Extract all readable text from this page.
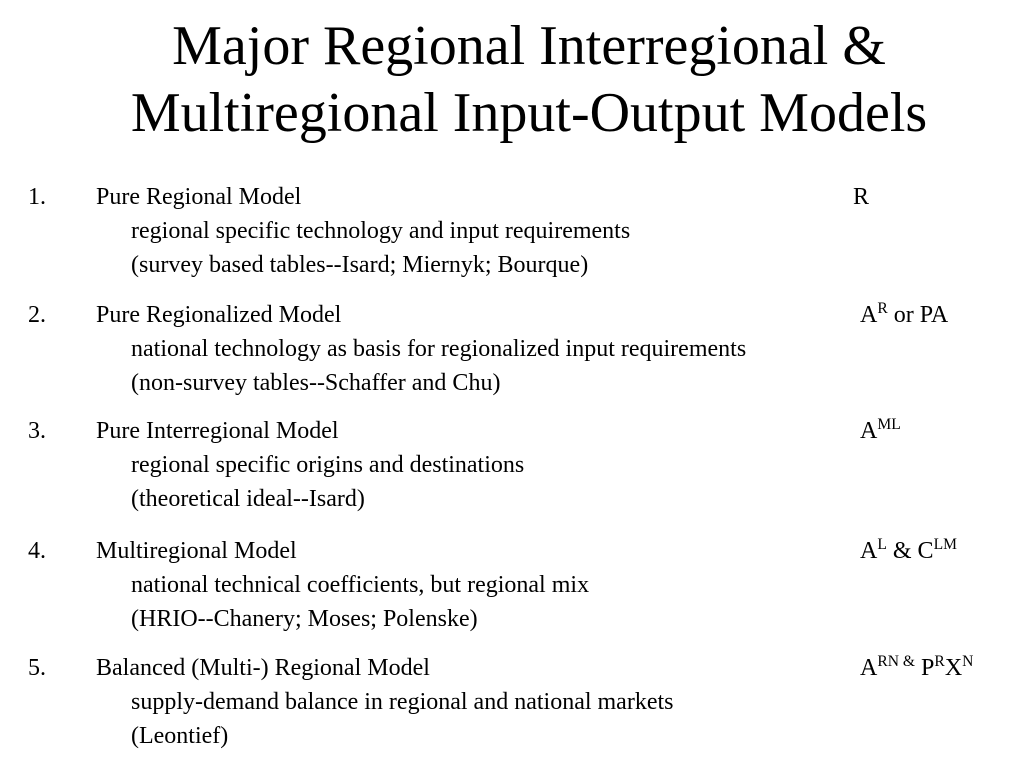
Major Regional Interregional &
Multiregional Input-Output Models
1. Pure Regional Model	R
regional specific technology and input requirements
(survey based tables--Isard; Miernyk; Bourque)
2. Pure Regionalized Model	$A^R$ or PA
national technology as basis for regionalized input requirements
(non-survey tables--Schaffer and Chu)
3. Pure Interregional Model	$A^{ML}$
regional specific origins and destinations
(theoretical ideal--Isard)
4. Multiregional Model	$A^L$ & $C^{LM}$
national technical coefficients, but regional mix
(HRIO--Chanery; Moses; Polenske)
5. Balanced (Multi-) Regional Model	$A^{RN \&}$ $P^RX^N$
supply-demand balance in regional and national markets
(Leontief)
